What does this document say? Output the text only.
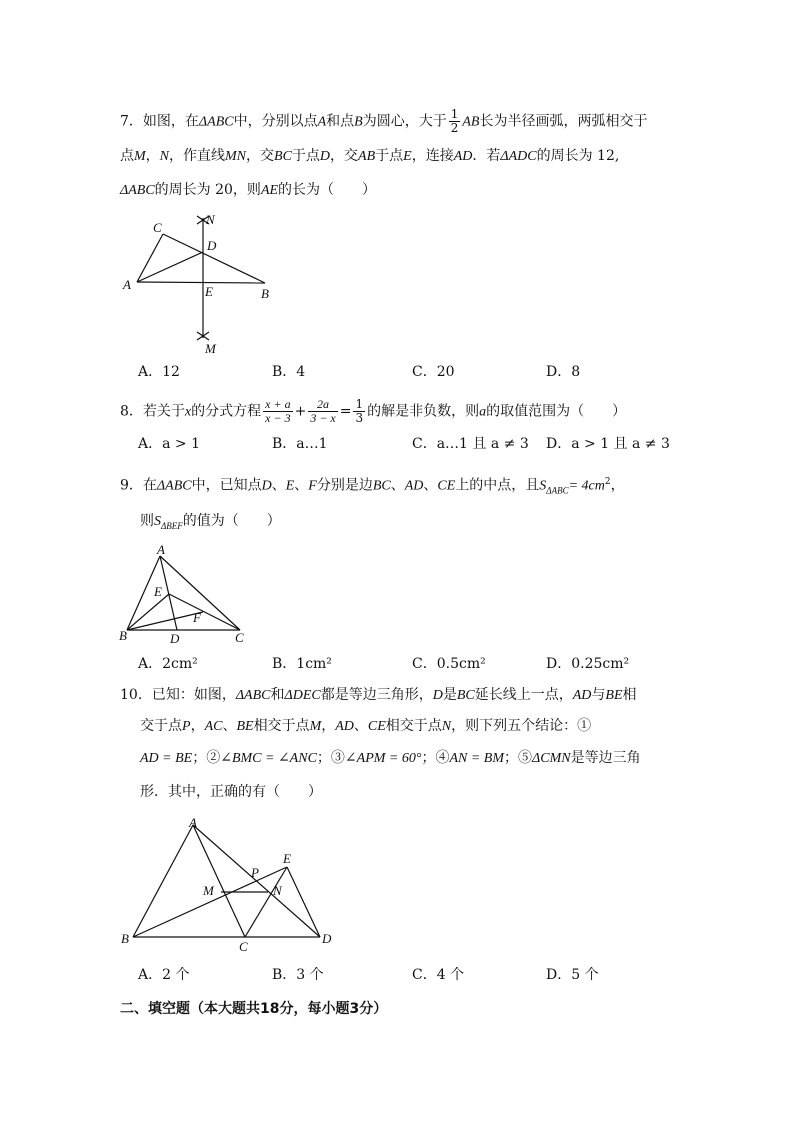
7．如图，在ΔABC中，分别以点A和点B为圆心，大于 $\frac{1}{2}$ AB长为半径画弧，两弧相交于
点M，N，作直线MN，交BC于点D，交AB于点E，连接AD．若ΔADC的周长为 12,
ΔABC的周长为 20，则AE的长为（　　）
C
D
N
A	E	B
M
A．12	B．4	C．20	D．8
8．若关于x的分式方程 $\frac{x + a}{x - 3} + \frac{2a}{3 - x} = \frac{1}{3}$ 的解是非负数，则a的取值范围为（　　）
A．a > 1	B．a…1	C．a…1 且 a ≠ 3 D．a > 1 且 a ≠ 3
9．在ΔABC中，已知点D、E、F分别是边BC、AD、CE上的中点，且$S_{\Delta ABC}= 4cm^2$，
则$S_{\Delta BEF}$的值为（　　）
A
E
F
B	D	C
A．2cm²	B．1cm²	C．0.5cm²	D．0.25cm²
10．已知：如图，ΔABC和ΔDEC都是等边三角形，D是BC延长线上一点，AD与BE相
交于点P，AC、BE相交于点M，AD、CE相交于点N，则下列五个结论：①
AD = BE；②∠BMC = ∠ANC；③∠APM = 60°；④AN = BM；⑤ΔCMN是等边三角
形．其中，正确的有（　　）
A
E
P
M	N
B
C
D
A．2 个	B．3 个	C．4 个	D．5 个
二、填空题（本大题共18分，每小题3分）
